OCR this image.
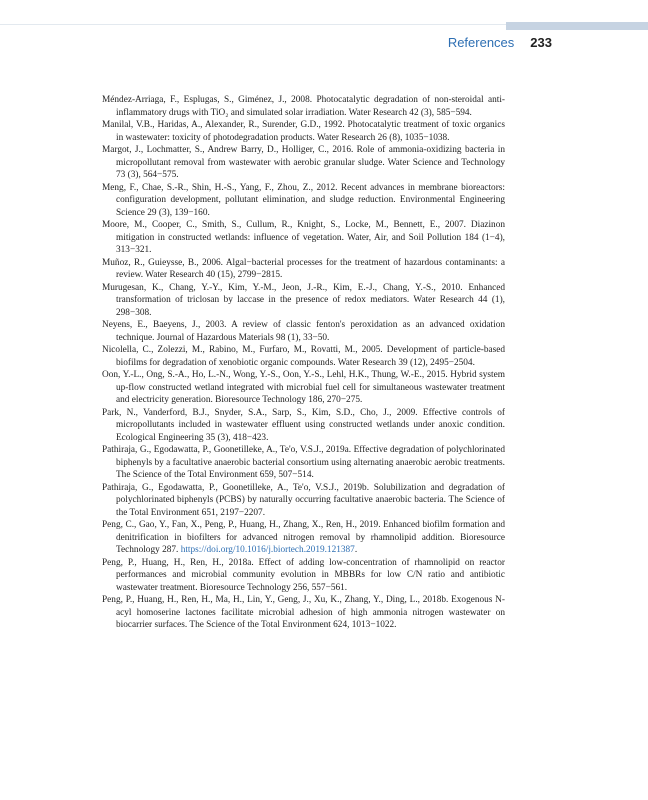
References 233

Méndez-Arriaga, F., Esplugas, S., Giménez, J., 2008. Photocatalytic degradation of non-steroidal anti-inflammatory drugs with TiO₂ and simulated solar irradiation. Water Research 42 (3), 585−594.

Manilal, V.B., Haridas, A., Alexander, R., Surender, G.D., 1992. Photocatalytic treatment of toxic organics in wastewater: toxicity of photodegradation products. Water Research 26 (8), 1035−1038.

Margot, J., Lochmatter, S., Andrew Barry, D., Holliger, C., 2016. Role of ammonia-oxidizing bacteria in micropollutant removal from wastewater with aerobic granular sludge. Water Science and Technology 73 (3), 564−575.

Meng, F., Chae, S.-R., Shin, H.-S., Yang, F., Zhou, Z., 2012. Recent advances in membrane bioreactors: configuration development, pollutant elimination, and sludge reduction. Environmental Engineering Science 29 (3), 139−160.

Moore, M., Cooper, C., Smith, S., Cullum, R., Knight, S., Locke, M., Bennett, E., 2007. Diazinon mitigation in constructed wetlands: influence of vegetation. Water, Air, and Soil Pollution 184 (1−4), 313−321.

Muñoz, R., Guieysse, B., 2006. Algal−bacterial processes for the treatment of hazardous contaminants: a review. Water Research 40 (15), 2799−2815.

Murugesan, K., Chang, Y.-Y., Kim, Y.-M., Jeon, J.-R., Kim, E.-J., Chang, Y.-S., 2010. Enhanced transformation of triclosan by laccase in the presence of redox mediators. Water Research 44 (1), 298−308.

Neyens, E., Baeyens, J., 2003. A review of classic fenton's peroxidation as an advanced oxidation technique. Journal of Hazardous Materials 98 (1), 33−50.

Nicolella, C., Zolezzi, M., Rabino, M., Furfaro, M., Rovatti, M., 2005. Development of particle-based biofilms for degradation of xenobiotic organic compounds. Water Research 39 (12), 2495−2504.

Oon, Y.-L., Ong, S.-A., Ho, L.-N., Wong, Y.-S., Oon, Y.-S., Lehl, H.K., Thung, W.-E., 2015. Hybrid system up-flow constructed wetland integrated with microbial fuel cell for simultaneous wastewater treatment and electricity generation. Bioresource Technology 186, 270−275.

Park, N., Vanderford, B.J., Snyder, S.A., Sarp, S., Kim, S.D., Cho, J., 2009. Effective controls of micropollutants included in wastewater effluent using constructed wetlands under anoxic condition. Ecological Engineering 35 (3), 418−423.

Pathiraja, G., Egodawatta, P., Goonetilleke, A., Te'o, V.S.J., 2019a. Effective degradation of polychlorinated biphenyls by a facultative anaerobic bacterial consortium using alternating anaerobic aerobic treatments. The Science of the Total Environment 659, 507−514.

Pathiraja, G., Egodawatta, P., Goonetilleke, A., Te'o, V.S.J., 2019b. Solubilization and degradation of polychlorinated biphenyls (PCBS) by naturally occurring facultative anaerobic bacteria. The Science of the Total Environment 651, 2197−2207.

Peng, C., Gao, Y., Fan, X., Peng, P., Huang, H., Zhang, X., Ren, H., 2019. Enhanced biofilm formation and denitrification in biofilters for advanced nitrogen removal by rhamnolipid addition. Bioresource Technology 287. https://doi.org/10.1016/j.biortech.2019.121387.

Peng, P., Huang, H., Ren, H., 2018a. Effect of adding low-concentration of rhamnolipid on reactor performances and microbial community evolution in MBBRs for low C/N ratio and antibiotic wastewater treatment. Bioresource Technology 256, 557−561.

Peng, P., Huang, H., Ren, H., Ma, H., Lin, Y., Geng, J., Xu, K., Zhang, Y., Ding, L., 2018b. Exogenous N-acyl homoserine lactones facilitate microbial adhesion of high ammonia nitrogen wastewater on biocarrier surfaces. The Science of the Total Environment 624, 1013−1022.
